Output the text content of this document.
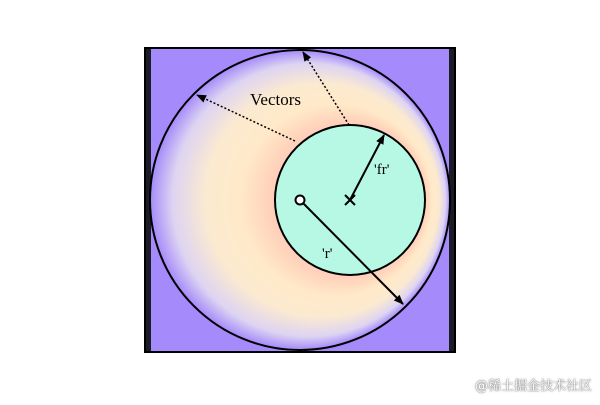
Vectors
'fr'
'r'
@稀土掘金技术社区
